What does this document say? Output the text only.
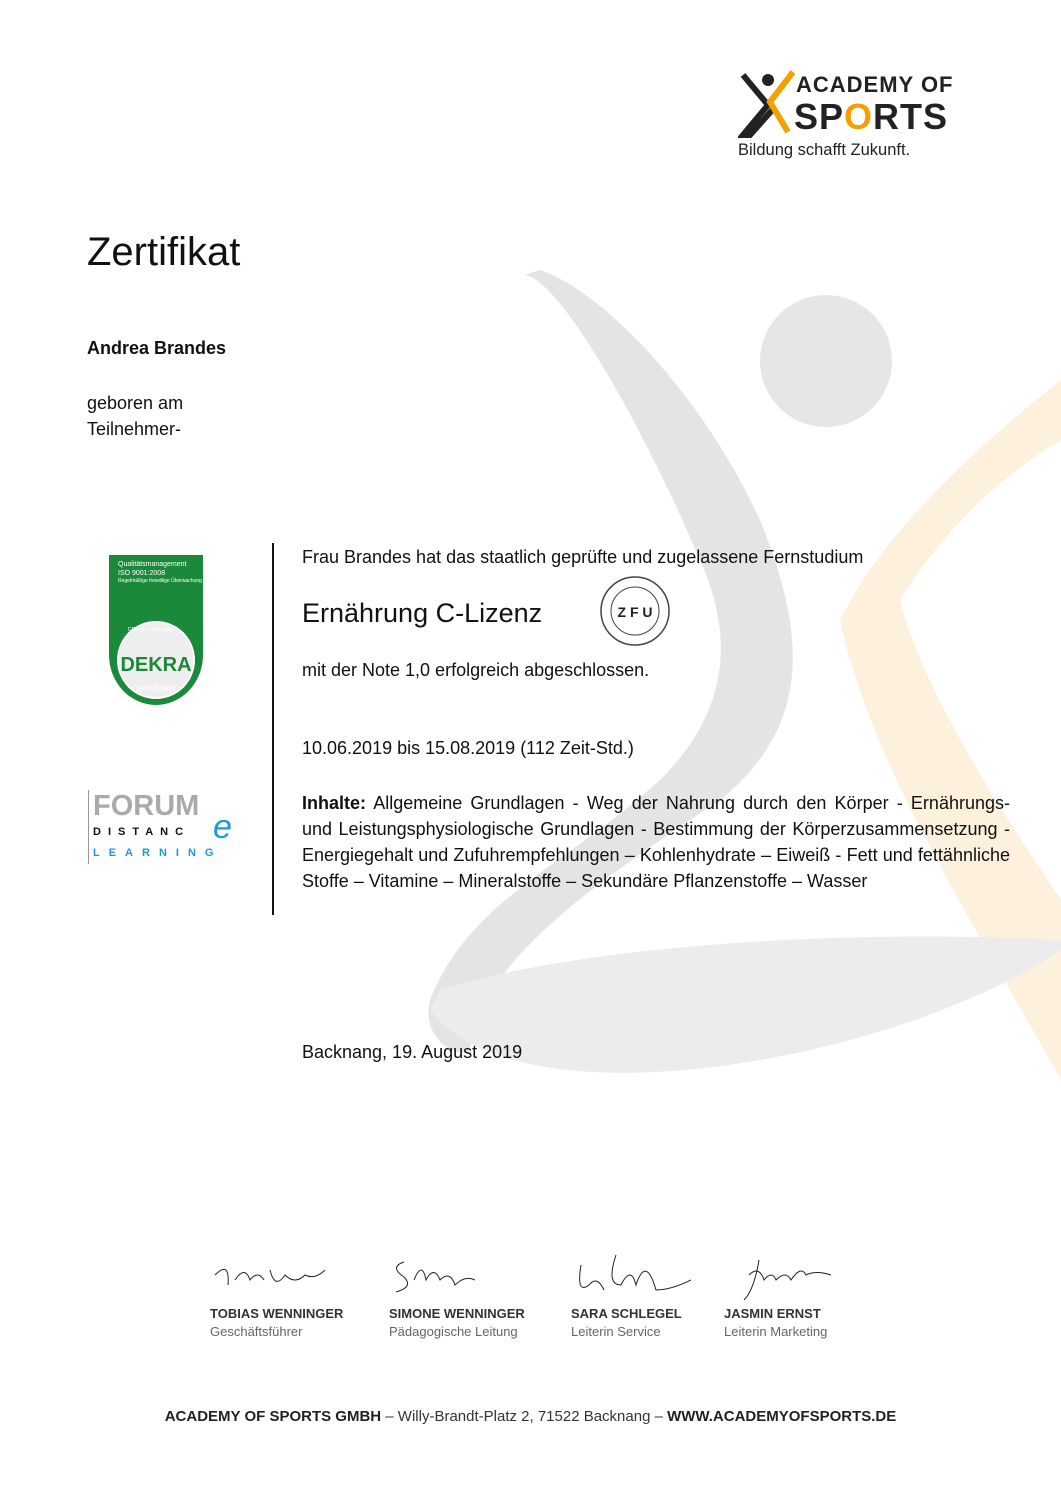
ACADEMY OF
SPORTS
Bildung schafft Zukunft.
Zertifikat
Andrea Brandes
geboren am
Teilnehmer-
Qualitätsmanagement
ISO 9001:2008
Regelmäßige freiwillige Überwachung
DEKRA Certification
DEKRA
zertifiziert
FORUM
DISTANC e
LEARNING
Frau Brandes hat das staatlich geprüfte und zugelassene Fernstudium
Ernährung C-Lizenz	Z F U
mit der Note 1,0 erfolgreich abgeschlossen.
10.06.2019 bis 15.08.2019 (112 Zeit-Std.)
Inhalte: Allgemeine Grundlagen - Weg der Nahrung durch den Körper - Ernährungs- und Leistungsphysiologische Grundlagen - Bestimmung der Körperzusammensetzung - Energiegehalt und Zufuhrempfehlungen – Kohlenhydrate – Eiweiß - Fett und fettähnliche Stoffe – Vitamine – Mineralstoffe – Sekundäre Pflanzenstoffe – Wasser
Backnang, 19. August 2019
TOBIAS WENNINGER
Geschäftsführer
SIMONE WENNINGER
Pädagogische Leitung
SARA SCHLEGEL
Leiterin Service
JASMIN ERNST
Leiterin Marketing
ACADEMY OF SPORTS GMBH – Willy-Brandt-Platz 2, 71522 Backnang – WWW.ACADEMYOFSPORTS.DE
